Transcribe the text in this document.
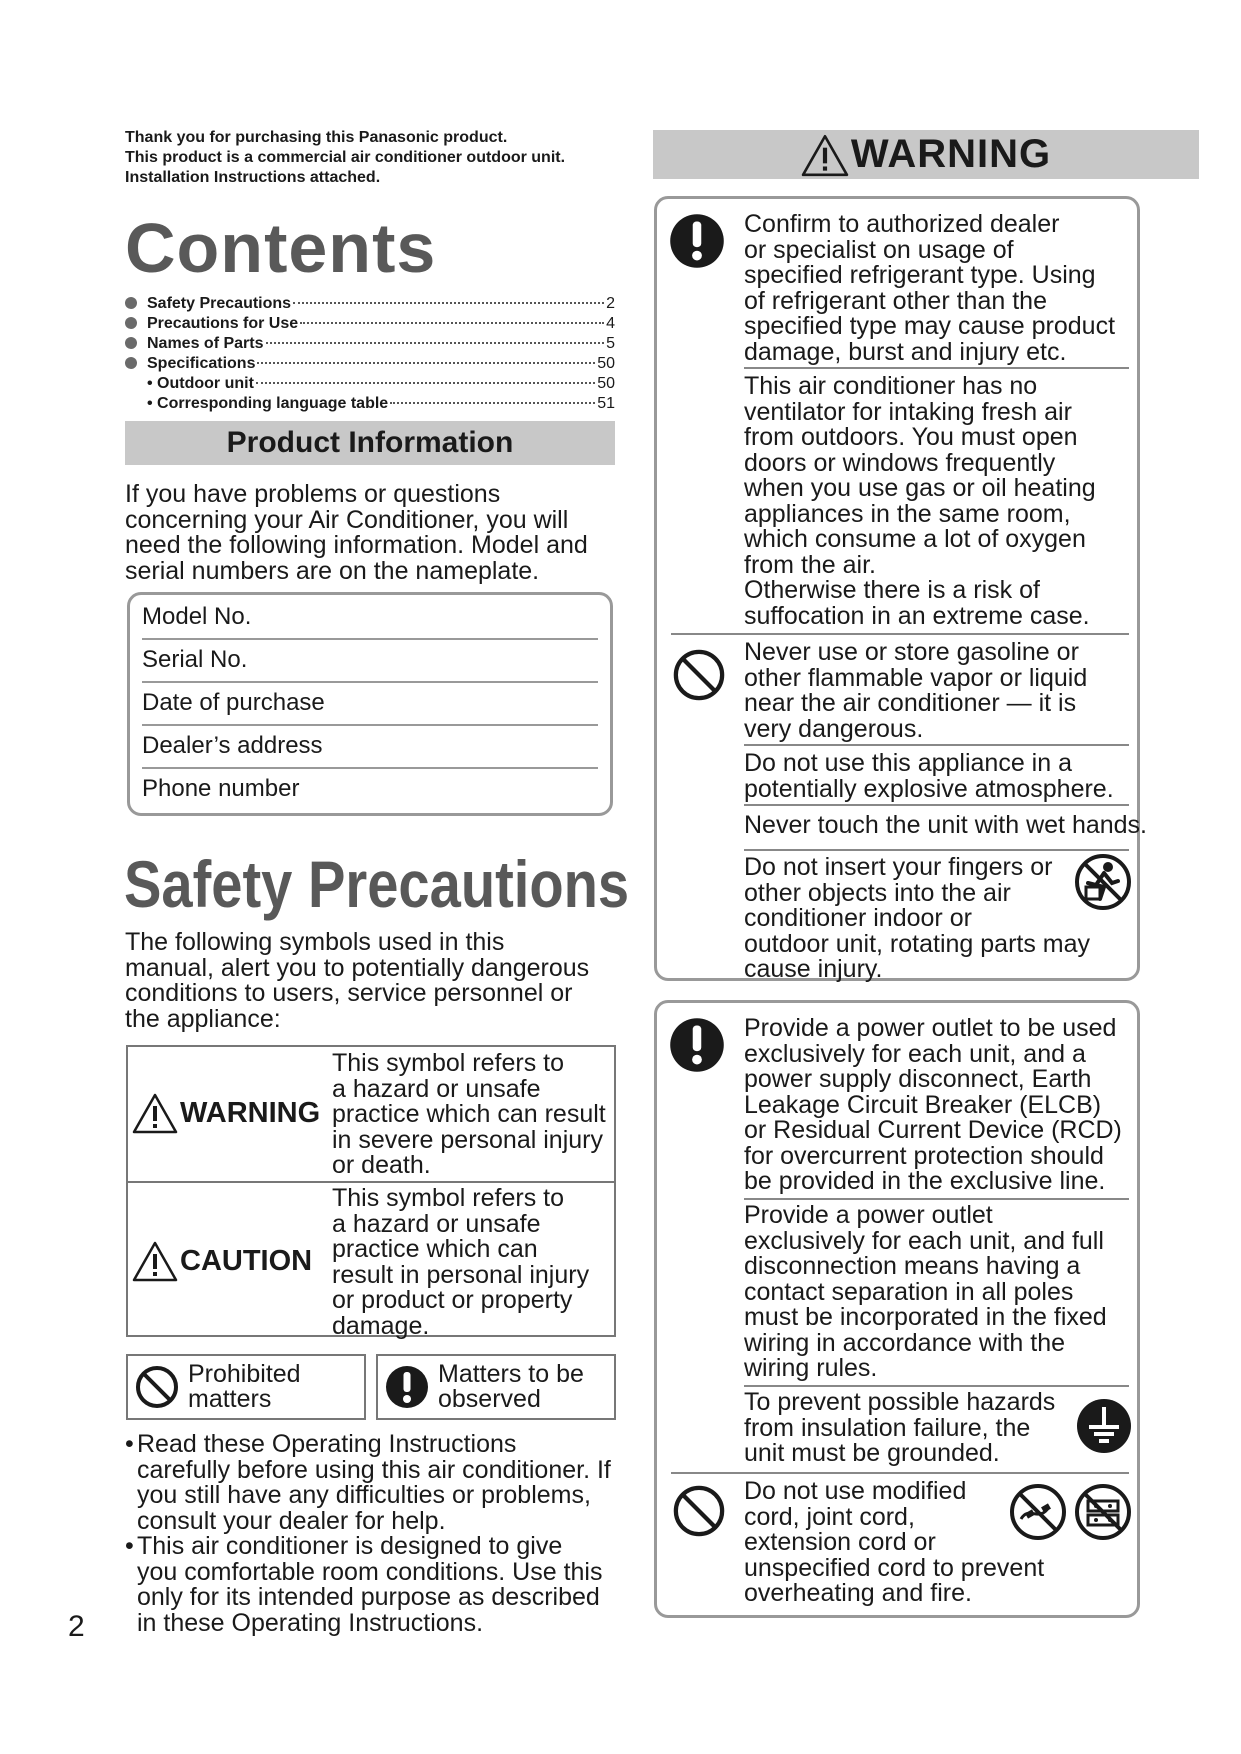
Thank you for purchasing this Panasonic product.
This product is a commercial air conditioner outdoor unit.
Installation Instructions attached.
Contents
Safety Precautions	2
Precautions for Use	4
Names of Parts	5
Specifications	50
• Outdoor unit	50
• Corresponding language table	51
Product Information
If you have problems or questions
concerning your Air Conditioner, you will
need the following information. Model and
serial numbers are on the nameplate.
Model No.
Serial No.
Date of purchase
Dealer’s address
Phone number
Safety Precautions
The following symbols used in this
manual, alert you to potentially dangerous
conditions to users, service personnel or
the appliance:
WARNING
This symbol refers to
a hazard or unsafe
practice which can result
in severe personal injury
or death.
CAUTION
This symbol refers to
a hazard or unsafe
practice which can
result in personal injury
or product or property
damage.
Prohibited
matters
Matters to be
observed
• Read these Operating Instructions
carefully before using this air conditioner. If
you still have any difficulties or problems,
consult your dealer for help.
• This air conditioner is designed to give
you comfortable room conditions. Use this
only for its intended purpose as described
in these Operating Instructions.
2
WARNING
Confirm to authorized dealer
or specialist on usage of
specified refrigerant type. Using
of refrigerant other than the
specified type may cause product
damage, burst and injury etc.
This air conditioner has no
ventilator for intaking fresh air
from outdoors. You must open
doors or windows frequently
when you use gas or oil heating
appliances in the same room,
which consume a lot of oxygen
from the air.
Otherwise there is a risk of
suffocation in an extreme case.
Never use or store gasoline or
other flammable vapor or liquid
near the air conditioner — it is
very dangerous.
Do not use this appliance in a
potentially explosive atmosphere.
Never touch the unit with wet hands.
Do not insert your fingers or
other objects into the air
conditioner indoor or
outdoor unit, rotating parts may
cause injury.
Provide a power outlet to be used
exclusively for each unit, and a
power supply disconnect, Earth
Leakage Circuit Breaker (ELCB)
or Residual Current Device (RCD)
for overcurrent protection should
be provided in the exclusive line.
Provide a power outlet
exclusively for each unit, and full
disconnection means having a
contact separation in all poles
must be incorporated in the fixed
wiring in accordance with the
wiring rules.
To prevent possible hazards
from insulation failure, the
unit must be grounded.
Do not use modified
cord, joint cord,
extension cord or
unspecified cord to prevent
overheating and fire.
